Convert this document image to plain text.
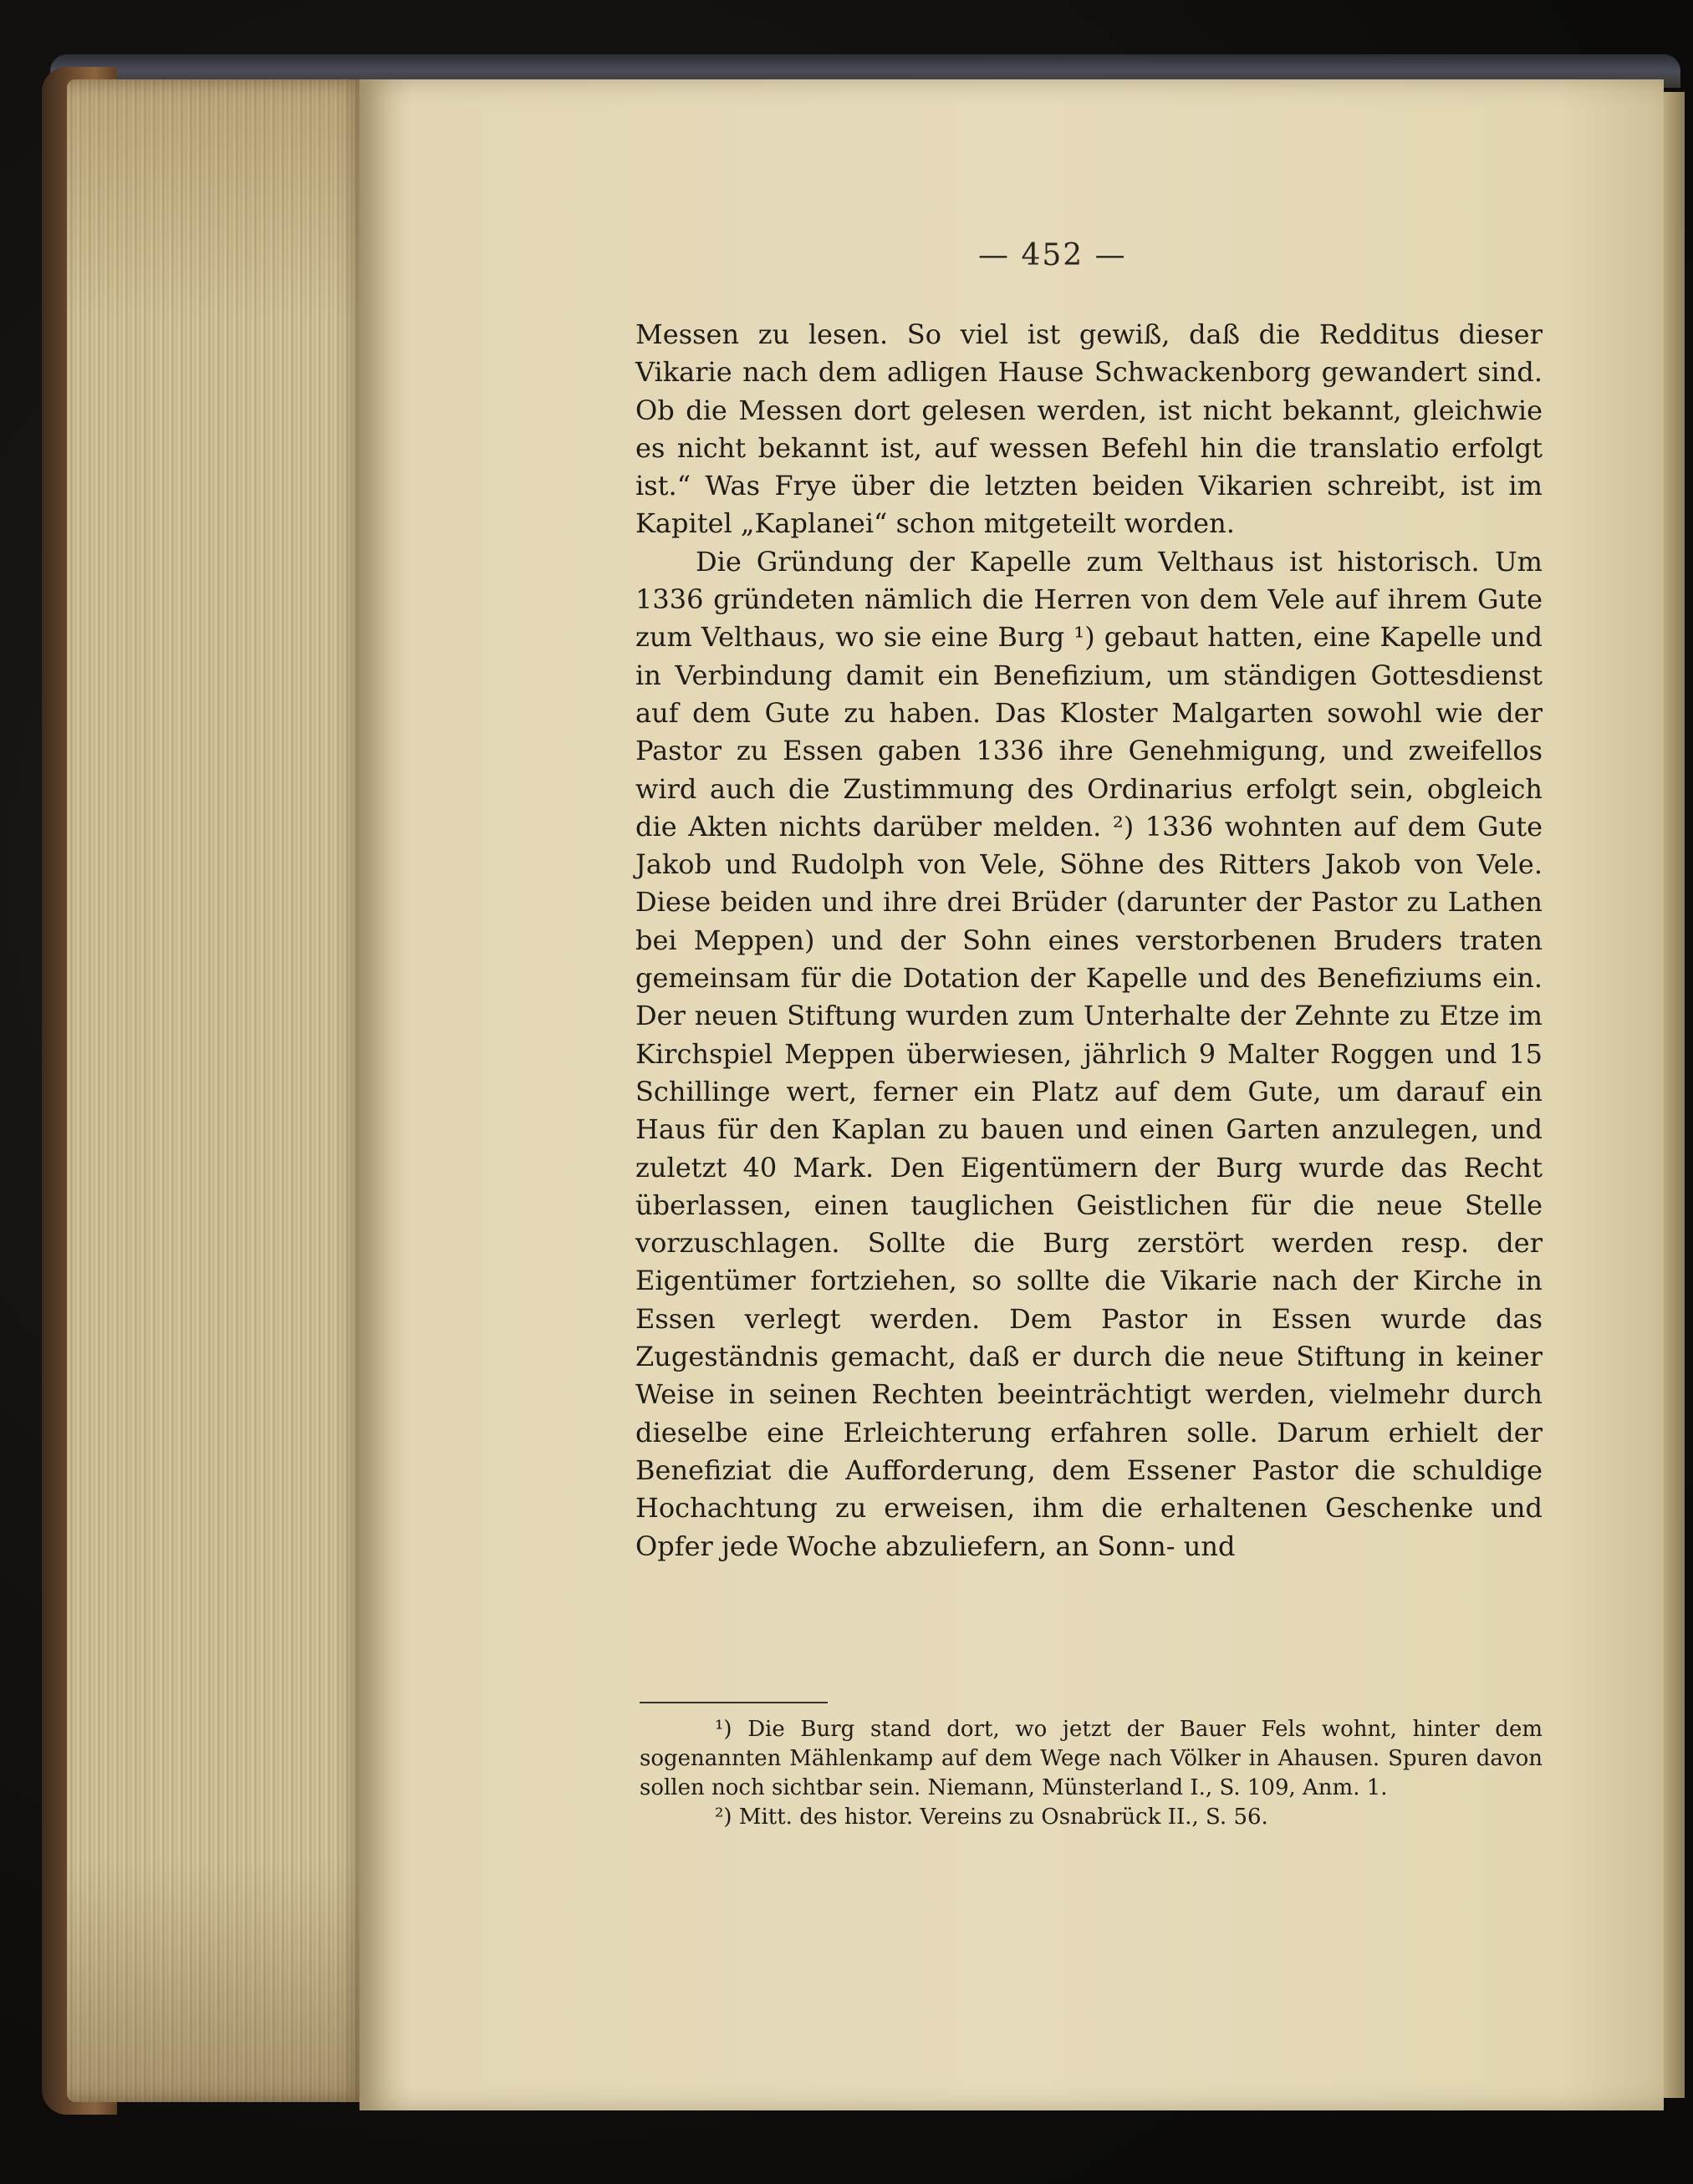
— 452 —

Messen zu lesen. So viel ist gewiß, daß die Redditus dieser Vikarie nach dem adligen Hause Schwackenborg gewandert sind. Ob die Messen dort gelesen werden, ist nicht bekannt, gleichwie es nicht bekannt ist, auf wessen Befehl hin die translatio erfolgt ist.“ Was Frye über die letzten beiden Vikarien schreibt, ist im Kapitel „Kaplanei“ schon mitgeteilt worden.

Die Gründung der Kapelle zum Velthaus ist historisch. Um 1336 gründeten nämlich die Herren von dem Vele auf ihrem Gute zum Velthaus, wo sie eine Burg ¹) gebaut hatten, eine Kapelle und in Verbindung damit ein Benefizium, um ständigen Gottesdienst auf dem Gute zu haben. Das Kloster Malgarten sowohl wie der Pastor zu Essen gaben 1336 ihre Genehmigung, und zweifellos wird auch die Zustimmung des Ordinarius erfolgt sein, obgleich die Akten nichts darüber melden. ²) 1336 wohnten auf dem Gute Jakob und Rudolph von Vele, Söhne des Ritters Jakob von Vele. Diese beiden und ihre drei Brüder (darunter der Pastor zu Lathen bei Meppen) und der Sohn eines verstorbenen Bruders traten gemeinsam für die Dotation der Kapelle und des Benefiziums ein. Der neuen Stiftung wurden zum Unterhalte der Zehnte zu Etze im Kirchspiel Meppen überwiesen, jährlich 9 Malter Roggen und 15 Schillinge wert, ferner ein Platz auf dem Gute, um darauf ein Haus für den Kaplan zu bauen und einen Garten anzulegen, und zuletzt 40 Mark. Den Eigentümern der Burg wurde das Recht überlassen, einen tauglichen Geistlichen für die neue Stelle vorzuschlagen. Sollte die Burg zerstört werden resp. der Eigentümer fortziehen, so sollte die Vikarie nach der Kirche in Essen verlegt werden. Dem Pastor in Essen wurde das Zugeständnis gemacht, daß er durch die neue Stiftung in keiner Weise in seinen Rechten beeinträchtigt werden, vielmehr durch dieselbe eine Erleichterung erfahren solle. Darum erhielt der Benefiziat die Aufforderung, dem Essener Pastor die schuldige Hochachtung zu erweisen, ihm die erhaltenen Geschenke und Opfer jede Woche abzuliefern, an Sonn- und

¹) Die Burg stand dort, wo jetzt der Bauer Fels wohnt, hinter dem sogenannten Mählenkamp auf dem Wege nach Völker in Ahausen. Spuren davon sollen noch sichtbar sein. Niemann, Münsterland I., S. 109, Anm. 1.

²) Mitt. des histor. Vereins zu Osnabrück II., S. 56.
